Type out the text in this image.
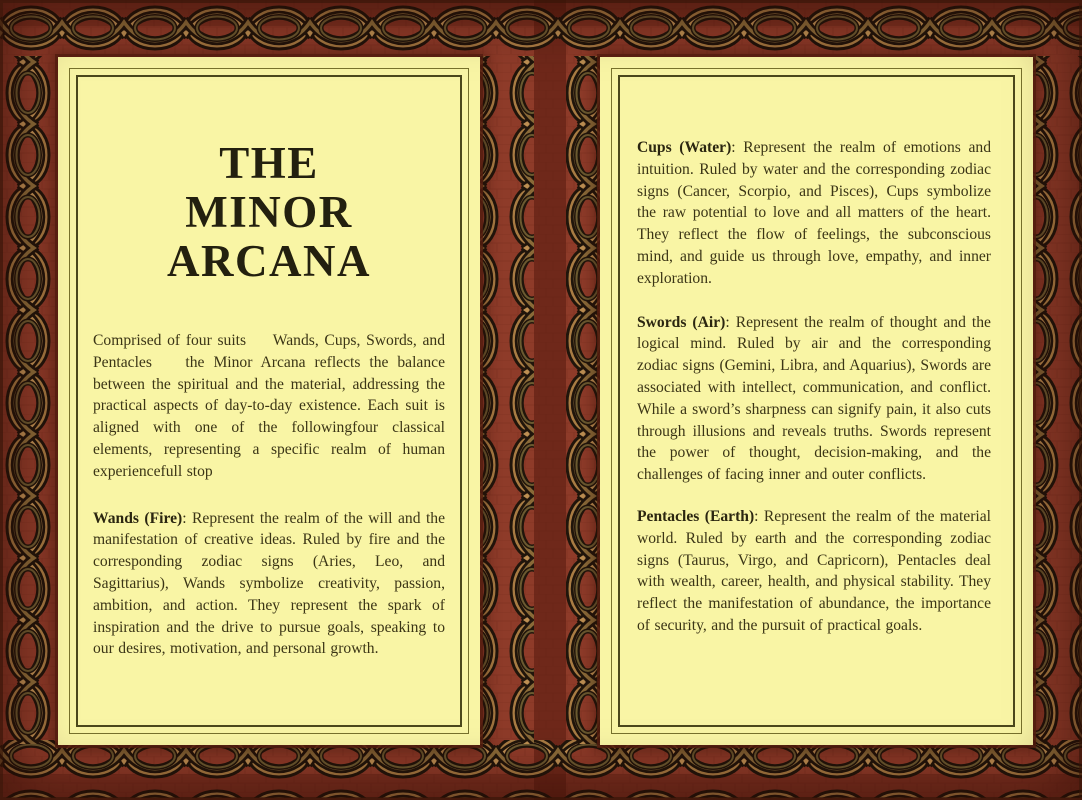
THE
MINOR
ARCANA

Comprised of four suits   Wands, Cups, Swords, and Pentacles   the Minor Arcana reflects the balance between the spiritual and the material, addressing the practical aspects of day-to-day existence. Each suit is aligned with one of the followingfour classical elements, representing a specific realm of human experiencefull stop

Wands (Fire): Represent the realm of the will and the manifestation of creative ideas. Ruled by fire and the corresponding zodiac signs (Aries, Leo, and Sagittarius), Wands symbolize creativity, passion, ambition, and action. They represent the spark of inspiration and the drive to pursue goals, speaking to our desires, motivation, and personal growth.

Cups (Water): Represent the realm of emotions and intuition. Ruled by water and the corresponding zodiac signs (Cancer, Scorpio, and Pisces), Cups symbolize the raw potential to love and all matters of the heart. They reflect the flow of feelings, the subconscious mind, and guide us through love, empathy, and inner exploration.

Swords (Air): Represent the realm of thought and the logical mind. Ruled by air and the corresponding zodiac signs (Gemini, Libra, and Aquarius), Swords are associated with intellect, communication, and conflict. While a sword’s sharpness can signify pain, it also cuts through illusions and reveals truths. Swords represent the power of thought, decision-making, and the challenges of facing inner and outer conflicts.

Pentacles (Earth): Represent the realm of the material world. Ruled by earth and the corresponding zodiac signs (Taurus, Virgo, and Capricorn), Pentacles deal with wealth, career, health, and physical stability. They reflect the manifestation of abundance, the importance of security, and the pursuit of practical goals.
